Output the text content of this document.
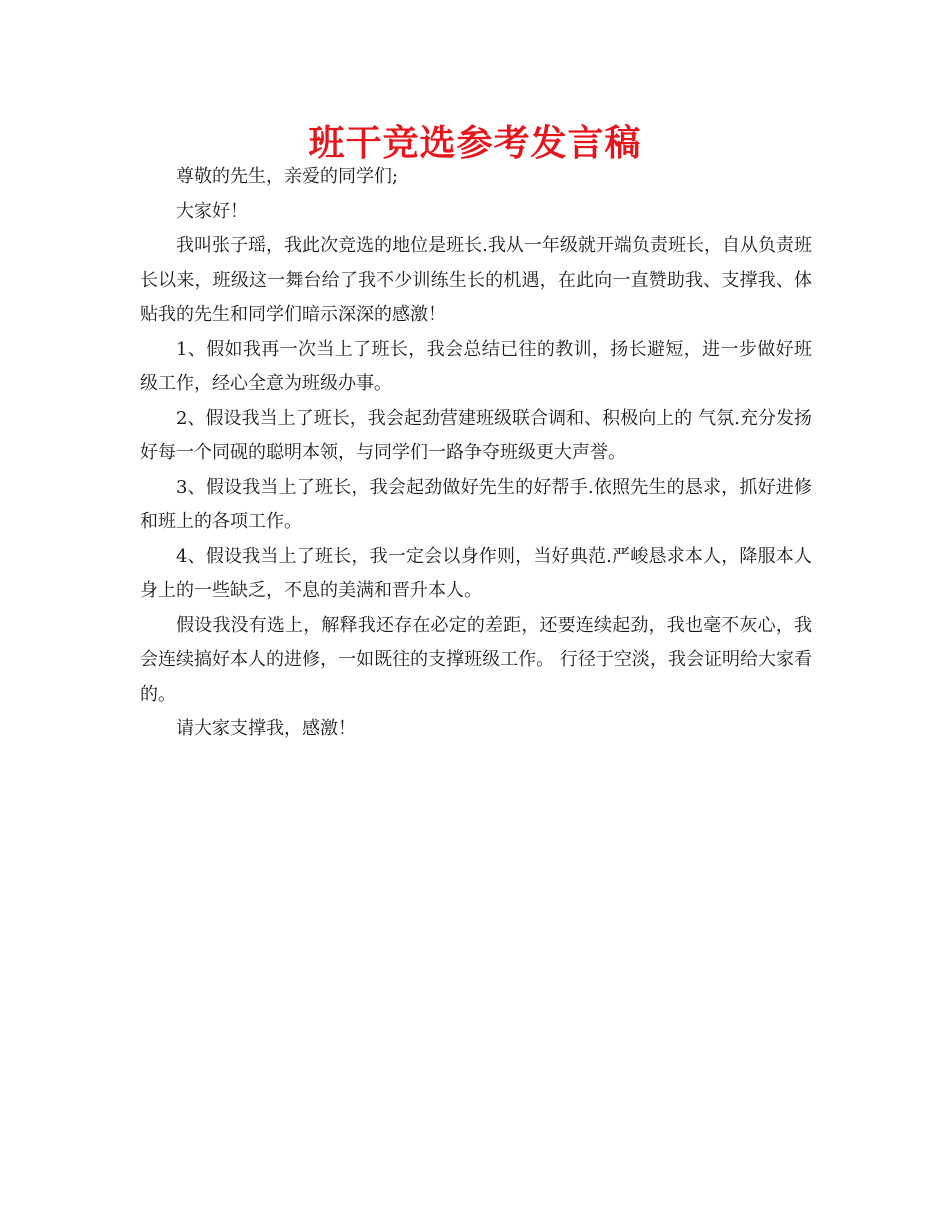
班干竞选参考发言稿

尊敬的先生，亲爱的同学们;

大家好！

我叫张子瑶，我此次竞选的地位是班长.我从一年级就开端负责班长，自从负责班长以来，班级这一舞台给了我不少训练生长的机遇，在此向一直赞助我、支撑我、体贴我的先生和同学们暗示深深的感激！

1、假如我再一次当上了班长，我会总结已往的教训，扬长避短，进一步做好班级工作，经心全意为班级办事。

2、假设我当上了班长，我会起劲营建班级联合调和、积极向上的 气氛.充分发扬好每一个同砚的聪明本领，与同学们一路争夺班级更大声誉。

3、假设我当上了班长，我会起劲做好先生的好帮手.依照先生的恳求，抓好进修和班上的各项工作。

4、假设我当上了班长，我一定会以身作则，当好典范.严峻恳求本人，降服本人身上的一些缺乏，不息的美满和晋升本人。

假设我没有选上，解释我还存在必定的差距，还要连续起劲，我也毫不灰心，我会连续搞好本人的进修，一如既往的支撑班级工作。 行径于空淡，我会证明给大家看的。

请大家支撑我，感激！
